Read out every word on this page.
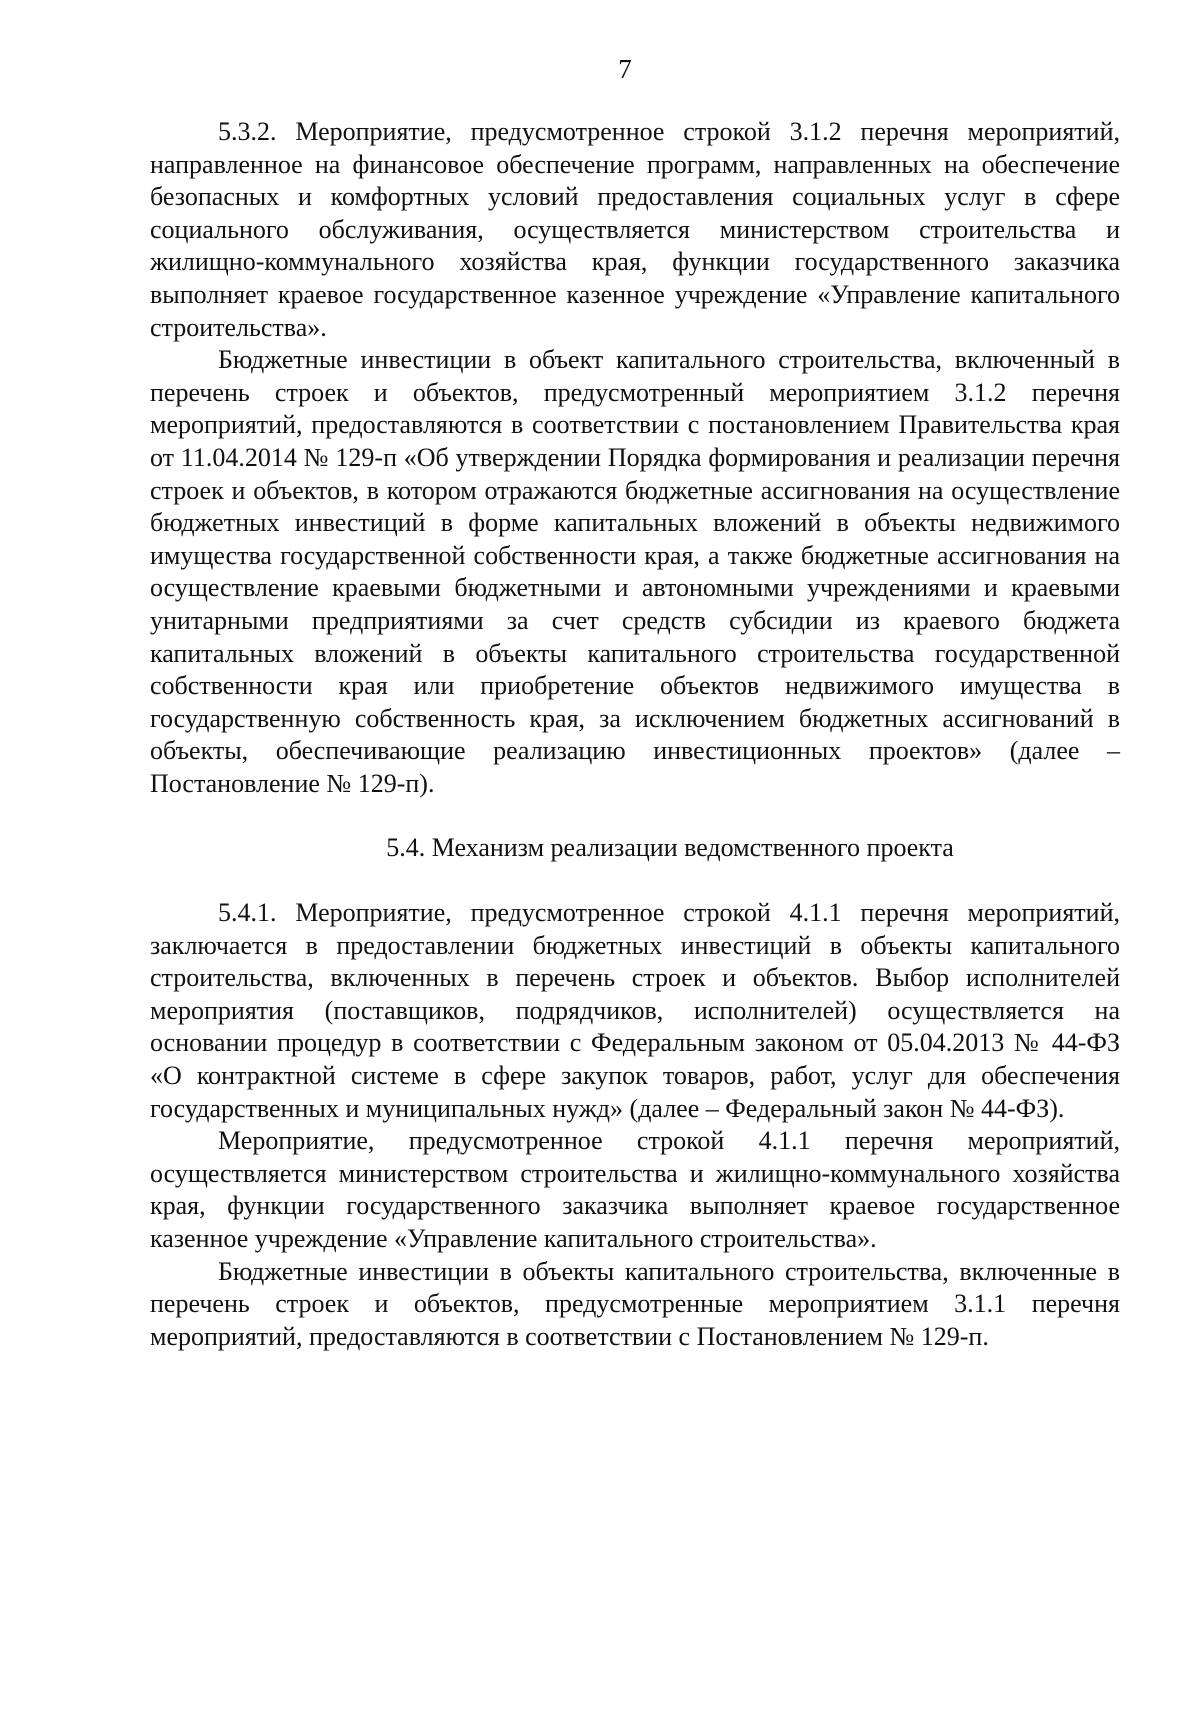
7

5.3.2. Мероприятие, предусмотренное строкой 3.1.2 перечня мероприятий, направленное на финансовое обеспечение программ, направленных на обеспечение безопасных и комфортных условий предоставления социальных услуг в сфере социального обслуживания, осуществляется министерством строительства и жилищно-коммунального хозяйства края, функции государственного заказчика выполняет краевое государственное казенное учреждение «Управление капитального строительства».

Бюджетные инвестиции в объект капитального строительства, включенный в перечень строек и объектов, предусмотренный мероприятием 3.1.2 перечня мероприятий, предоставляются в соответствии с постановлением Правительства края от 11.04.2014 № 129-п «Об утверждении Порядка формирования и реализации перечня строек и объектов, в котором отражаются бюджетные ассигнования на осуществление бюджетных инвестиций в форме капитальных вложений в объекты недвижимого имущества государственной собственности края, а также бюджетные ассигнования на осуществление краевыми бюджетными и автономными учреждениями и краевыми унитарными предприятиями за счет средств субсидии из краевого бюджета капитальных вложений в объекты капитального строительства государственной собственности края или приобретение объектов недвижимого имущества в государственную собственность края, за исключением бюджетных ассигнований в объекты, обеспечивающие реализацию инвестиционных проектов» (далее – Постановление № 129-п).

5.4. Механизм реализации ведомственного проекта

5.4.1. Мероприятие, предусмотренное строкой 4.1.1 перечня мероприятий, заключается в предоставлении бюджетных инвестиций в объекты капитального строительства, включенных в перечень строек и объектов. Выбор исполнителей мероприятия (поставщиков, подрядчиков, исполнителей) осуществляется на основании процедур в соответствии с Федеральным законом от 05.04.2013 № 44-ФЗ «О контрактной системе в сфере закупок товаров, работ, услуг для обеспечения государственных и муниципальных нужд» (далее – Федеральный закон № 44-ФЗ).

Мероприятие, предусмотренное строкой 4.1.1 перечня мероприятий, осуществляется министерством строительства и жилищно-коммунального хозяйства края, функции государственного заказчика выполняет краевое государственное казенное учреждение «Управление капитального строительства».

Бюджетные инвестиции в объекты капитального строительства, включенные в перечень строек и объектов, предусмотренные мероприятием 3.1.1 перечня мероприятий, предоставляются в соответствии с Постановлением № 129-п.
